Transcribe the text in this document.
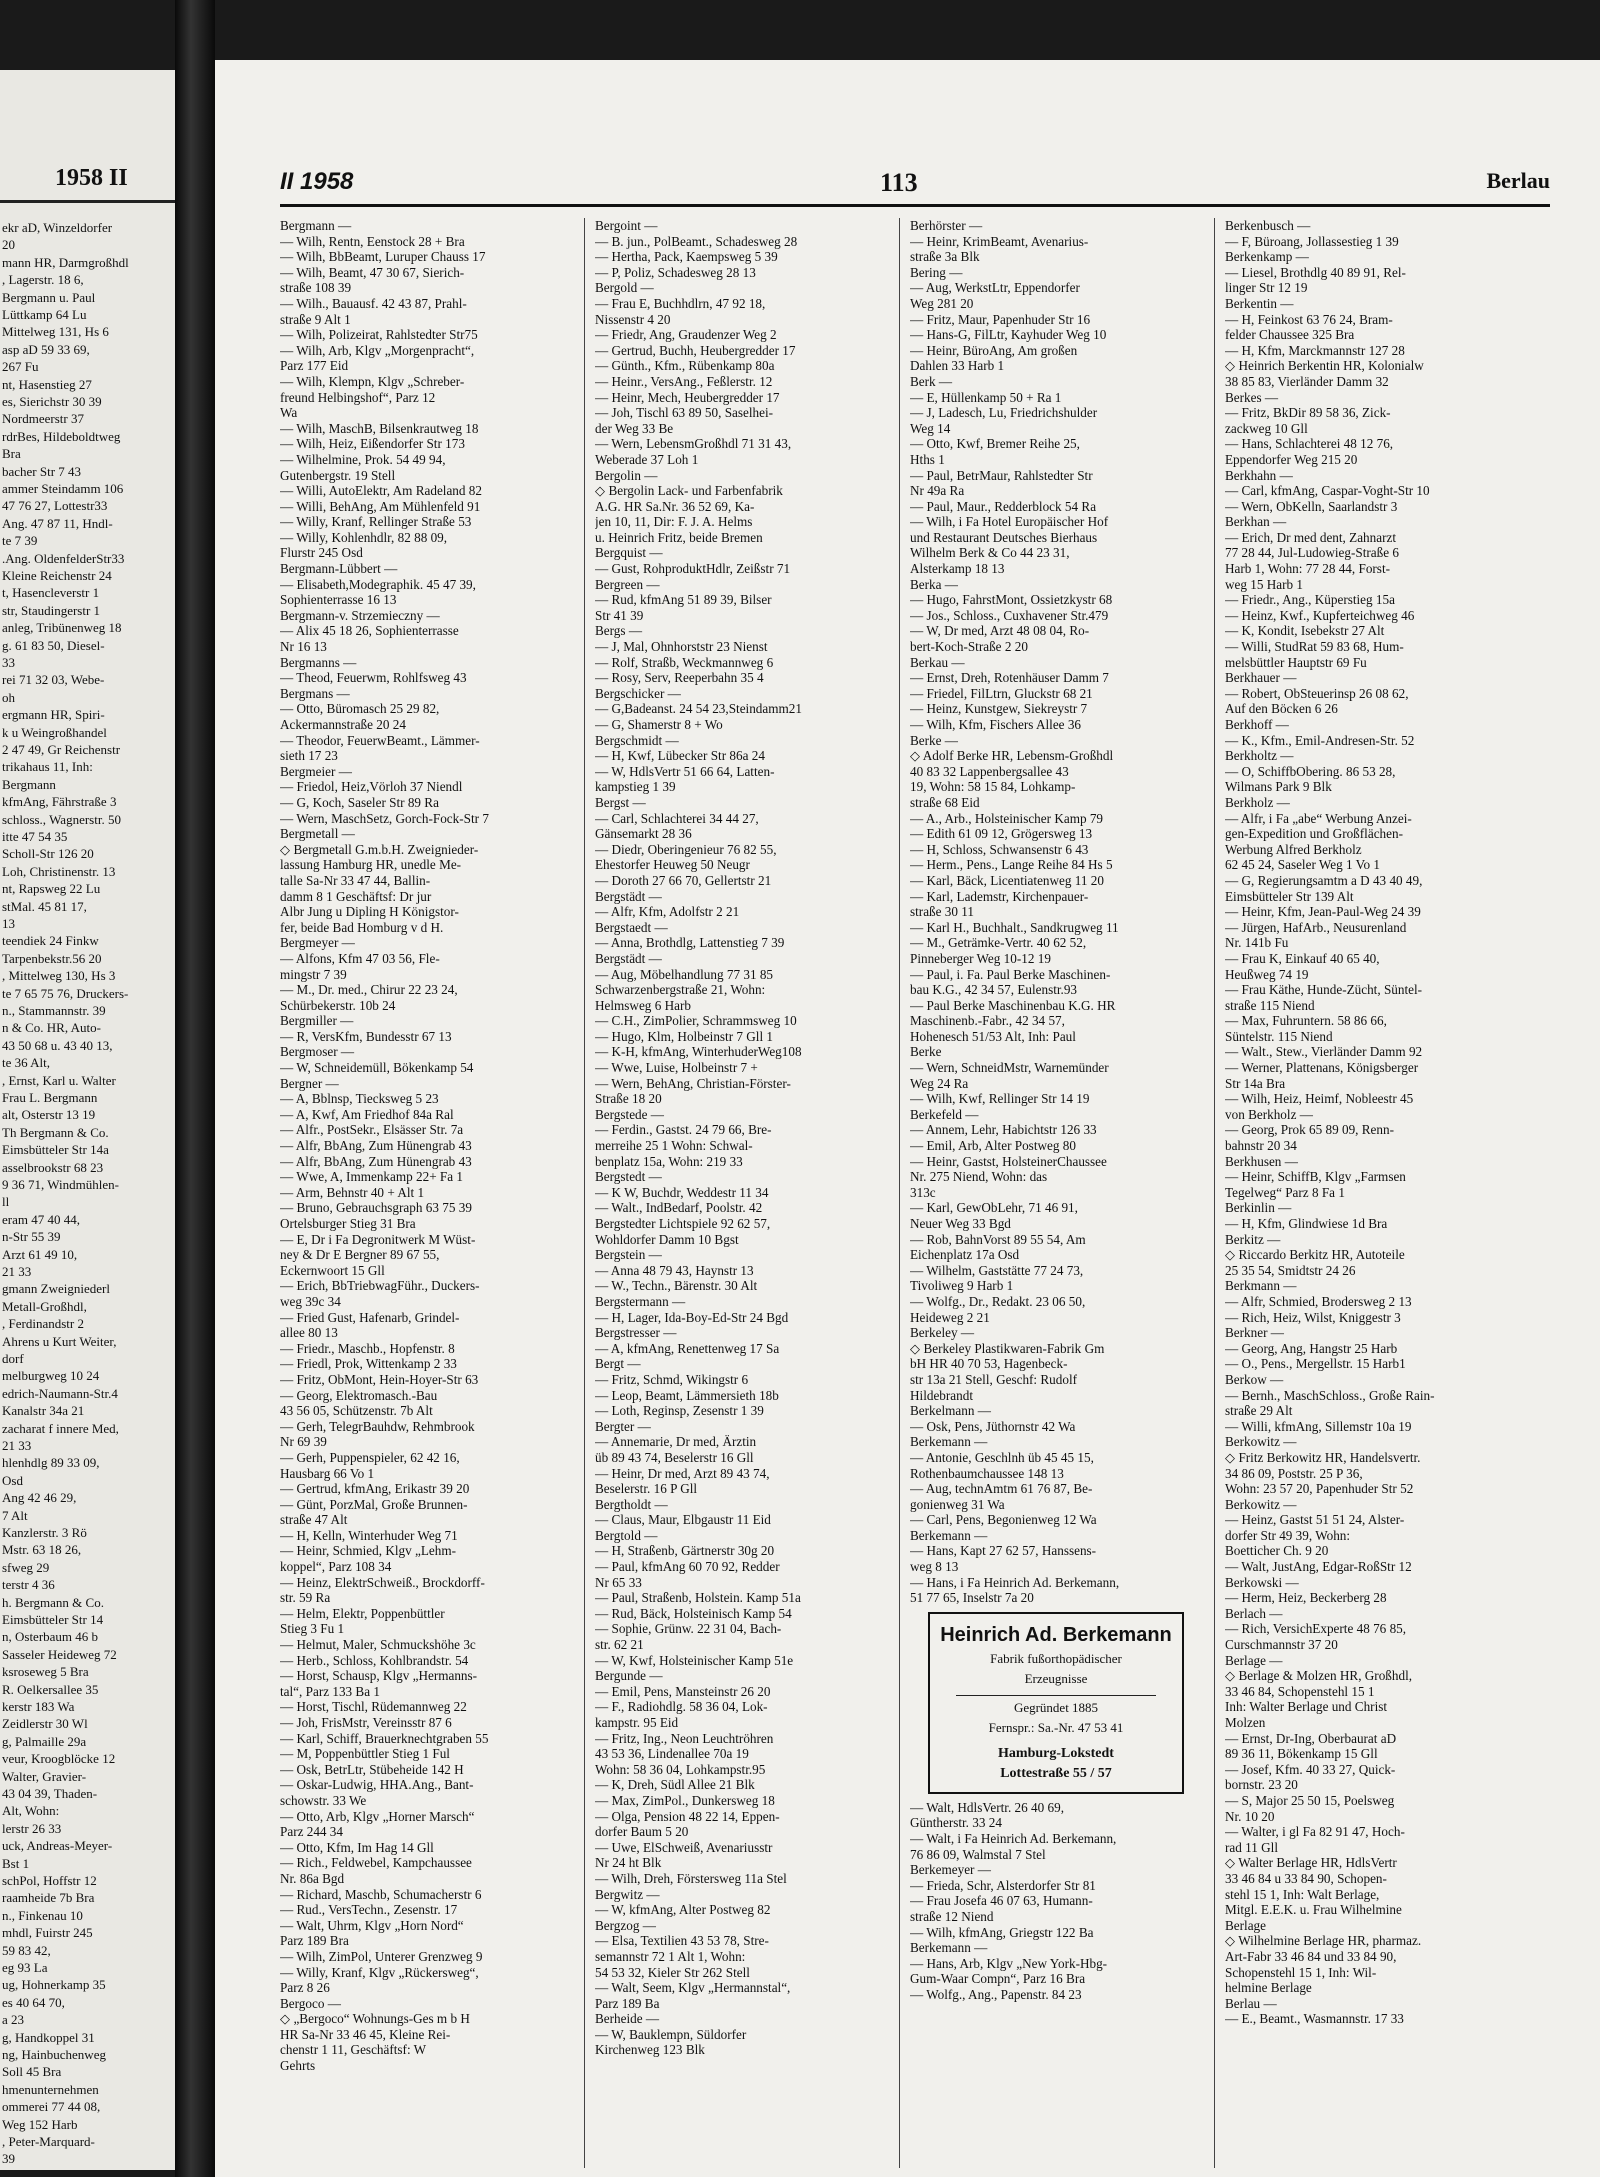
1958 II
ekr aD, Winzeldorfer
20
mann HR, Darmgroßhdl
, Lagerstr. 18 6,
Bergmann u. Paul
Lüttkamp 64 Lu
Mittelweg 131, Hs 6
asp aD 59 33 69,
267 Fu
nt, Hasenstieg 27
es, Sierichstr 30 39
Nordmeerstr 37
rdrBes, Hildeboldtweg
Bra
bacher Str 7 43
ammer Steindamm 106
47 76 27, Lottestr33
Ang. 47 87 11, Hndl-
te 7 39
.Ang. OldenfelderStr33
Kleine Reichenstr 24
t, Hasencleverstr 1
str, Staudingerstr 1
anleg, Tribünenweg 18
g. 61 83 50, Diesel-
33
rei 71 32 03, Webe-
oh
ergmann HR, Spiri-
k u Weingroßhandel
2 47 49, Gr Reichenstr
trikahaus 11, Inh:
Bergmann
kfmAng, Fährstraße 3
schloss., Wagnerstr. 50
itte 47 54 35
Scholl-Str 126 20
Loh, Christinenstr. 13
nt, Rapsweg 22 Lu
stMal. 45 81 17,
13
teendiek 24 Finkw
Tarpenbekstr.56 20
, Mittelweg 130, Hs 3
te 7 65 75 76, Druckers-
n., Stammannstr. 39
n & Co. HR, Auto-
43 50 68 u. 43 40 13,
te 36 Alt,
, Ernst, Karl u. Walter
Frau L. Bergmann
alt, Osterstr 13 19
Th Bergmann & Co.
Eimsbütteler Str 14a
asselbrookstr 68 23
9 36 71, Windmühlen-
ll
eram 47 40 44,
n-Str 55 39
Arzt 61 49 10,
21 33
gmann Zweigniederl
Metall-Großhdl,
, Ferdinandstr 2
Ahrens u Kurt Weiter,
dorf
melburgweg 10 24
edrich-Naumann-Str.4
Kanalstr 34a 21
zacharat f innere Med,
21 33
hlenhdlg 89 33 09,
Osd
Ang 42 46 29,
7 Alt
Kanzlerstr. 3 Rö
Mstr. 63 18 26,
sfweg 29
terstr 4 36
h. Bergmann & Co.
Eimsbütteler Str 14
n, Osterbaum 46 b
Sasseler Heideweg 72
ksroseweg 5 Bra
R. Oelkersallee 35
kerstr 183 Wa
Zeidlerstr 30 Wl
g, Palmaille 29a
veur, Kroogblöcke 12
Walter, Gravier-
43 04 39, Thaden-
Alt, Wohn:
lerstr 26 33
uck, Andreas-Meyer-
Bst 1
schPol, Hoffstr 12
raamheide 7b Bra
n., Finkenau 10
mhdl, Fuirstr 245
59 83 42,
eg 93 La
ug, Hohnerkamp 35
es 40 64 70,
a 23
g, Handkoppel 31
ng, Hainbuchenweg
Soll 45 Bra
hmenunternehmen
ommerei 77 44 08,
Weg 152 Harb
, Peter-Marquard-
39
II 1958	113	Berlau
Bergmann —
— Wilh, Rentn, Eenstock 28 + Bra
— Wilh, BbBeamt, Luruper Chauss 17
— Wilh, Beamt, 47 30 67, Sierich-
straße 108 39
— Wilh., Bauausf. 42 43 87, Prahl-
straße 9 Alt 1
— Wilh, Polizeirat, Rahlstedter Str75
— Wilh, Arb, Klgv „Morgenpracht“,
Parz 177 Eid
— Wilh, Klempn, Klgv „Schreber-
freund Helbingshof“, Parz 12
Wa
— Wilh, MaschB, Bilsenkrautweg 18
— Wilh, Heiz, Eißendorfer Str 173
— Wilhelmine, Prok. 54 49 94,
Gutenbergstr. 19 Stell
— Willi, AutoElektr, Am Radeland 82
— Willi, BehAng, Am Mühlenfeld 91
— Willy, Kranf, Rellinger Straße 53
— Willy, Kohlenhdlr, 82 88 09,
Flurstr 245 Osd
Bergmann-Lübbert —
— Elisabeth,Modegraphik. 45 47 39,
Sophienterrasse 16 13
Bergmann-v. Strzemieczny —
— Alix 45 18 26, Sophienterrasse
Nr 16 13
Bergmanns —
— Theod, Feuerwm, Rohlfsweg 43
Bergmans —
— Otto, Büromasch 25 29 82,
Ackermannstraße 20 24
— Theodor, FeuerwBeamt., Lämmer-
sieth 17 23
Bergmeier —
— Friedol, Heiz,Vörloh 37 Niendl
— G, Koch, Saseler Str 89 Ra
— Wern, MaschSetz, Gorch-Fock-Str 7
Bergmetall —
◇ Bergmetall G.m.b.H. Zweignieder-
lassung Hamburg HR, unedle Me-
talle Sa-Nr 33 47 44, Ballin-
damm 8 1 Geschäftsf: Dr jur
Albr Jung u Dipling H Königstor-
fer, beide Bad Homburg v d H.
Bergmeyer —
— Alfons, Kfm 47 03 56, Fle-
mingstr 7 39
— M., Dr. med., Chirur 22 23 24,
Schürbekerstr. 10b 24
Bergmiller —
— R, VersKfm, Bundesstr 67 13
Bergmoser —
— W, Schneidemüll, Bökenkamp 54
Bergner —
— A, Bblnsp, Tiecksweg 5 23
— A, Kwf, Am Friedhof 84a Ral
— Alfr., PostSekr., Elsässer Str. 7a
— Alfr, BbAng, Zum Hünengrab 43
— Alfr, BbAng, Zum Hünengrab 43
— Wwe, A, Immenkamp 22+ Fa 1
— Arm, Behnstr 40 + Alt 1
— Bruno, Gebrauchsgraph 63 75 39
Ortelsburger Stieg 31 Bra
— E, Dr i Fa Degronitwerk M Wüst-
ney & Dr E Bergner 89 67 55,
Eckernwoort 15 Gll
— Erich, BbTriebwagFühr., Duckers-
weg 39c 34
— Fried Gust, Hafenarb, Grindel-
allee 80 13
— Friedr., Maschb., Hopfenstr. 8
— Friedl, Prok, Wittenkamp 2 33
— Fritz, ObMont, Hein-Hoyer-Str 63
— Georg, Elektromasch.-Bau
43 56 05, Schützenstr. 7b Alt
— Gerh, TelegrBauhdw, Rehmbrook
Nr 69 39
— Gerh, Puppenspieler, 62 42 16,
Hausbarg 66 Vo 1
— Gertrud, kfmAng, Erikastr 39 20
— Günt, PorzMal, Große Brunnen-
straße 47 Alt
— H, Kelln, Winterhuder Weg 71
— Heinr, Schmied, Klgv „Lehm-
koppel“, Parz 108 34
— Heinz, ElektrSchweiß., Brockdorff-
str. 59 Ra
— Helm, Elektr, Poppenbüttler
Stieg 3 Fu 1
— Helmut, Maler, Schmuckshöhe 3c
— Herb., Schloss, Kohlbrandstr. 54
— Horst, Schausp, Klgv „Hermanns-
tal“, Parz 133 Ba 1
— Horst, Tischl, Rüdemannweg 22
— Joh, FrisMstr, Vereinsstr 87 6
— Karl, Schiff, Brauerknechtgraben 55
— M, Poppenbüttler Stieg 1 Ful
— Osk, BetrLtr, Stübeheide 142 H
— Oskar-Ludwig, HHA.Ang., Bant-
schowstr. 33 We
— Otto, Arb, Klgv „Horner Marsch“
Parz 244 34
— Otto, Kfm, Im Hag 14 Gll
— Rich., Feldwebel, Kampchaussee
Nr. 86a Bgd
— Richard, Maschb, Schumacherstr 6
— Rud., VersTechn., Zesenstr. 17
— Walt, Uhrm, Klgv „Horn Nord“
Parz 189 Bra
— Wilh, ZimPol, Unterer Grenzweg 9
— Willy, Kranf, Klgv „Rückersweg“,
Parz 8 26
Bergoco —
◇ „Bergoco“ Wohnungs-Ges m b H
HR Sa-Nr 33 46 45, Kleine Rei-
chenstr 1 11, Geschäftsf: W
Gehrts
Bergoint —
— B. jun., PolBeamt., Schadesweg 28
— Hertha, Pack, Kaempsweg 5 39
— P, Poliz, Schadesweg 28 13
Bergold —
— Frau E, Buchhdlrn, 47 92 18,
Nissenstr 4 20
— Friedr, Ang, Graudenzer Weg 2
— Gertrud, Buchh, Heubergredder 17
— Günth., Kfm., Rübenkamp 80a
— Heinr., VersAng., Feßlerstr. 12
— Heinr, Mech, Heubergredder 17
— Joh, Tischl 63 89 50, Saselhei-
der Weg 33 Be
— Wern, LebensmGroßhdl 71 31 43,
Weberade 37 Loh 1
Bergolin —
◇ Bergolin Lack- und Farbenfabrik
A.G. HR Sa.Nr. 36 52 69, Ka-
jen 10, 11, Dir: F. J. A. Helms
u. Heinrich Fritz, beide Bremen
Bergquist —
— Gust, RohproduktHdlr, Zeißstr 71
Bergreen —
— Rud, kfmAng 51 89 39, Bilser
Str 41 39
Bergs —
— J, Mal, Ohnhorststr 23 Nienst
— Rolf, Straßb, Weckmannweg 6
— Rosy, Serv, Reeperbahn 35 4
Bergschicker —
— G,Badeanst. 24 54 23,Steindamm21
— G, Shamerstr 8 + Wo
Bergschmidt —
— H, Kwf, Lübecker Str 86a 24
— W, HdlsVertr 51 66 64, Latten-
kampstieg 1 39
Bergst —
— Carl, Schlachterei 34 44 27,
Gänsemarkt 28 36
— Diedr, Oberingenieur 76 82 55,
Ehestorfer Heuweg 50 Neugr
— Doroth 27 66 70, Gellertstr 21
Bergstädt —
— Alfr, Kfm, Adolfstr 2 21
Bergstaedt —
— Anna, Brothdlg, Lattenstieg 7 39
Bergstädt —
— Aug, Möbelhandlung 77 31 85
Schwarzenbergstraße 21, Wohn:
Helmsweg 6 Harb
— C.H., ZimPolier, Schrammsweg 10
— Hugo, Klm, Holbeinstr 7 Gll 1
— K-H, kfmAng, WinterhuderWeg108
— Wwe, Luise, Holbeinstr 7 +
— Wern, BehAng, Christian-Förster-
Straße 18 20
Bergstede —
— Ferdin., Gastst. 24 79 66, Bre-
merreihe 25 1 Wohn: Schwal-
benplatz 15a, Wohn: 219 33
Bergstedt —
— K W, Buchdr, Weddestr 11 34
— Walt., IndBedarf, Poolstr. 42
Bergstedter Lichtspiele 92 62 57,
Wohldorfer Damm 10 Bgst
Bergstein —
— Anna 48 79 43, Haynstr 13
— W., Techn., Bärenstr. 30 Alt
Bergstermann —
— H, Lager, Ida-Boy-Ed-Str 24 Bgd
Bergstresser —
— A, kfmAng, Renettenweg 17 Sa
Bergt —
— Fritz, Schmd, Wikingstr 6
— Leop, Beamt, Lämmersieth 18b
— Loth, Reginsp, Zesenstr 1 39
Bergter —
— Annemarie, Dr med, Ärztin
üb 89 43 74, Beselerstr 16 Gll
— Heinr, Dr med, Arzt 89 43 74,
Beselerstr. 16 P Gll
Bergtholdt —
— Claus, Maur, Elbgaustr 11 Eid
Bergtold —
— H, Straßenb, Gärtnerstr 30g 20
— Paul, kfmAng 60 70 92, Redder
Nr 65 33
— Paul, Straßenb, Holstein. Kamp 51a
— Rud, Bäck, Holsteinisch Kamp 54
— Sophie, Grünw. 22 31 04, Bach-
str. 62 21
— W, Kwf, Holsteinischer Kamp 51e
Bergunde —
— Emil, Pens, Mansteinstr 26 20
— F., Radiohdlg. 58 36 04, Lok-
kampstr. 95 Eid
— Fritz, Ing., Neon Leuchtröhren
43 53 36, Lindenallee 70a 19
Wohn: 58 36 04, Lohkampstr.95
— K, Dreh, Südl Allee 21 Blk
— Max, ZimPol., Dunkersweg 18
— Olga, Pension 48 22 14, Eppen-
dorfer Baum 5 20
— Uwe, ElSchweiß, Avenariusstr
Nr 24 ht Blk
— Wilh, Dreh, Förstersweg 11a Stel
Bergwitz —
— W, kfmAng, Alter Postweg 82
Bergzog —
— Elsa, Textilien 43 53 78, Stre-
semannstr 72 1 Alt 1, Wohn:
54 53 32, Kieler Str 262 Stell
— Walt, Seem, Klgv „Hermannstal“,
Parz 189 Ba
Berheide —
— W, Bauklempn, Süldorfer
Kirchenweg 123 Blk
Berhörster —
— Heinr, KrimBeamt, Avenarius-
straße 3a Blk
Bering —
— Aug, WerkstLtr, Eppendorfer
Weg 281 20
— Fritz, Maur, Papenhuder Str 16
— Hans-G, FilLtr, Kayhuder Weg 10
— Heinr, BüroAng, Am großen
Dahlen 33 Harb 1
Berk —
— E, Hüllenkamp 50 + Ra 1
— J, Ladesch, Lu, Friedrichshulder
Weg 14
— Otto, Kwf, Bremer Reihe 25,
Hths 1
— Paul, BetrMaur, Rahlstedter Str
Nr 49a Ra
— Paul, Maur., Redderblock 54 Ra
— Wilh, i Fa Hotel Europäischer Hof
und Restaurant Deutsches Bierhaus
Wilhelm Berk & Co 44 23 31,
Alsterkamp 18 13
Berka —
— Hugo, FahrstMont, Ossietzkystr 68
— Jos., Schloss., Cuxhavener Str.479
— W, Dr med, Arzt 48 08 04, Ro-
bert-Koch-Straße 2 20
Berkau —
— Ernst, Dreh, Rotenhäuser Damm 7
— Friedel, FilLtrn, Gluckstr 68 21
— Heinz, Kunstgew, Siekreystr 7
— Wilh, Kfm, Fischers Allee 36
Berke —
◇ Adolf Berke HR, Lebensm-Großhdl
40 83 32 Lappenbergsallee 43
19, Wohn: 58 15 84, Lohkamp-
straße 68 Eid
— A., Arb., Holsteinischer Kamp 79
— Edith 61 09 12, Grögersweg 13
— H, Schloss, Schwansenstr 6 43
— Herm., Pens., Lange Reihe 84 Hs 5
— Karl, Bäck, Licentiatenweg 11 20
— Karl, Lademstr, Kirchenpauer-
straße 30 11
— Karl H., Buchhalt., Sandkrugweg 11
— M., Geträmke-Vertr. 40 62 52,
Pinneberger Weg 10-12 19
— Paul, i. Fa. Paul Berke Maschinen-
bau K.G., 42 34 57, Eulenstr.93
— Paul Berke Maschinenbau K.G. HR
Maschinenb.-Fabr., 42 34 57,
Hohenesch 51/53 Alt, Inh: Paul
Berke
— Wern, SchneidMstr, Warnemünder
Weg 24 Ra
— Wilh, Kwf, Rellinger Str 14 19
Berkefeld —
— Annem, Lehr, Habichtstr 126 33
— Emil, Arb, Alter Postweg 80
— Heinr, Gastst, HolsteinerChaussee
Nr. 275 Niend, Wohn: das
313c
— Karl, GewObLehr, 71 46 91,
Neuer Weg 33 Bgd
— Rob, BahnVorst 89 55 54, Am
Eichenplatz 17a Osd
— Wilhelm, Gaststätte 77 24 73,
Tivoliweg 9 Harb 1
— Wolfg., Dr., Redakt. 23 06 50,
Heideweg 2 21
Berkeley —
◇ Berkeley Plastikwaren-Fabrik Gm
bH HR 40 70 53, Hagenbeck-
str 13a 21 Stell, Geschf: Rudolf
Hildebrandt
Berkelmann —
— Osk, Pens, Jüthornstr 42 Wa
Berkemann —
— Antonie, Geschlnh üb 45 45 15,
Rothenbaumchaussee 148 13
— Aug, technAmtm 61 76 87, Be-
gonienweg 31 Wa
— Carl, Pens, Begonienweg 12 Wa
Berkemann —
— Hans, Kapt 27 62 57, Hanssens-
weg 8 13
— Hans, i Fa Heinrich Ad. Berkemann,
51 77 65, Inselstr 7a 20
Heinrich Ad. Berkemann
Fabrik fußorthopädischer
Erzeugnisse
Gegründet 1885
Fernspr.: Sa.-Nr. 47 53 41
Hamburg-Lokstedt
Lottestraße 55 / 57
— Walt, HdlsVertr. 26 40 69,
Güntherstr. 33 24
— Walt, i Fa Heinrich Ad. Berkemann,
76 86 09, Walmstal 7 Stel
Berkemeyer —
— Frieda, Schr, Alsterdorfer Str 81
— Frau Josefa 46 07 63, Humann-
straße 12 Niend
— Wilh, kfmAng, Griegstr 122 Ba
Berkemann —
— Hans, Arb, Klgv „New York-Hbg-
Gum-Waar Compn“, Parz 16 Bra
— Wolfg., Ang., Papenstr. 84 23
Berkenbusch —
— F, Büroang, Jollassestieg 1 39
Berkenkamp —
— Liesel, Brothdlg 40 89 91, Rel-
linger Str 12 19
Berkentin —
— H, Feinkost 63 76 24, Bram-
felder Chaussee 325 Bra
— H, Kfm, Marckmannstr 127 28
◇ Heinrich Berkentin HR, Kolonialw
38 85 83, Vierländer Damm 32
Berkes —
— Fritz, BkDir 89 58 36, Zick-
zackweg 10 Gll
— Hans, Schlachterei 48 12 76,
Eppendorfer Weg 215 20
Berkhahn —
— Carl, kfmAng, Caspar-Voght-Str 10
— Wern, ObKelln, Saarlandstr 3
Berkhan —
— Erich, Dr med dent, Zahnarzt
77 28 44, Jul-Ludowieg-Straße 6
Harb 1, Wohn: 77 28 44, Forst-
weg 15 Harb 1
— Friedr., Ang., Küperstieg 15a
— Heinz, Kwf., Kupferteichweg 46
— K, Kondit, Isebekstr 27 Alt
— Willi, StudRat 59 83 68, Hum-
melsbüttler Hauptstr 69 Fu
Berkhauer —
— Robert, ObSteuerinsp 26 08 62,
Auf den Böcken 6 26
Berkhoff —
— K., Kfm., Emil-Andresen-Str. 52
Berkholtz —
— O, SchiffbObering. 86 53 28,
Wilmans Park 9 Blk
Berkholz —
— Alfr, i Fa „abe“ Werbung Anzei-
gen-Expedition und Großflächen-
Werbung Alfred Berkholz
62 45 24, Saseler Weg 1 Vo 1
— G, Regierungsamtm a D 43 40 49,
Eimsbütteler Str 139 Alt
— Heinr, Kfm, Jean-Paul-Weg 24 39
— Jürgen, HafArb., Neusurenland
Nr. 141b Fu
— Frau K, Einkauf 40 65 40,
Heußweg 74 19
— Frau Käthe, Hunde-Zücht, Süntel-
straße 115 Niend
— Max, Fuhruntern. 58 86 66,
Süntelstr. 115 Niend
— Walt., Stew., Vierländer Damm 92
— Werner, Plattenans, Königsberger
Str 14a Bra
— Wilh, Heiz, Heimf, Nobleestr 45
von Berkholz —
— Georg, Prok 65 89 09, Renn-
bahnstr 20 34
Berkhusen —
— Heinr, SchiffB, Klgv „Farmsen
Tegelweg“ Parz 8 Fa 1
Berkinlin —
— H, Kfm, Glindwiese 1d Bra
Berkitz —
◇ Riccardo Berkitz HR, Autoteile
25 35 54, Smidtstr 24 26
Berkmann —
— Alfr, Schmied, Brodersweg 2 13
— Rich, Heiz, Wilst, Kniggestr 3
Berkner —
— Georg, Ang, Hangstr 25 Harb
— O., Pens., Mergellstr. 15 Harb1
Berkow —
— Bernh., MaschSchloss., Große Rain-
straße 29 Alt
— Willi, kfmAng, Sillemstr 10a 19
Berkowitz —
◇ Fritz Berkowitz HR, Handelsvertr.
34 86 09, Poststr. 25 P 36,
Wohn: 23 57 20, Papenhuder Str 52
Berkowitz —
— Heinz, Gastst 51 51 24, Alster-
dorfer Str 49 39, Wohn:
Boetticher Ch. 9 20
— Walt, JustAng, Edgar-RoßStr 12
Berkowski —
— Herm, Heiz, Beckerberg 28
Berlach —
— Rich, VersichExperte 48 76 85,
Curschmannstr 37 20
Berlage —
◇ Berlage & Molzen HR, Großhdl,
33 46 84, Schopenstehl 15 1
Inh: Walter Berlage und Christ
Molzen
— Ernst, Dr-Ing, Oberbaurat aD
89 36 11, Bökenkamp 15 Gll
— Josef, Kfm. 40 33 27, Quick-
bornstr. 23 20
— S, Major 25 50 15, Poelsweg
Nr. 10 20
— Walter, i gl Fa 82 91 47, Hoch-
rad 11 Gll
◇ Walter Berlage HR, HdlsVertr
33 46 84 u 33 84 90, Schopen-
stehl 15 1, Inh: Walt Berlage,
Mitgl. E.E.K. u. Frau Wilhelmine
Berlage
◇ Wilhelmine Berlage HR, pharmaz.
Art-Fabr 33 46 84 und 33 84 90,
Schopenstehl 15 1, Inh: Wil-
helmine Berlage
Berlau —
— E., Beamt., Wasmannstr. 17 33
